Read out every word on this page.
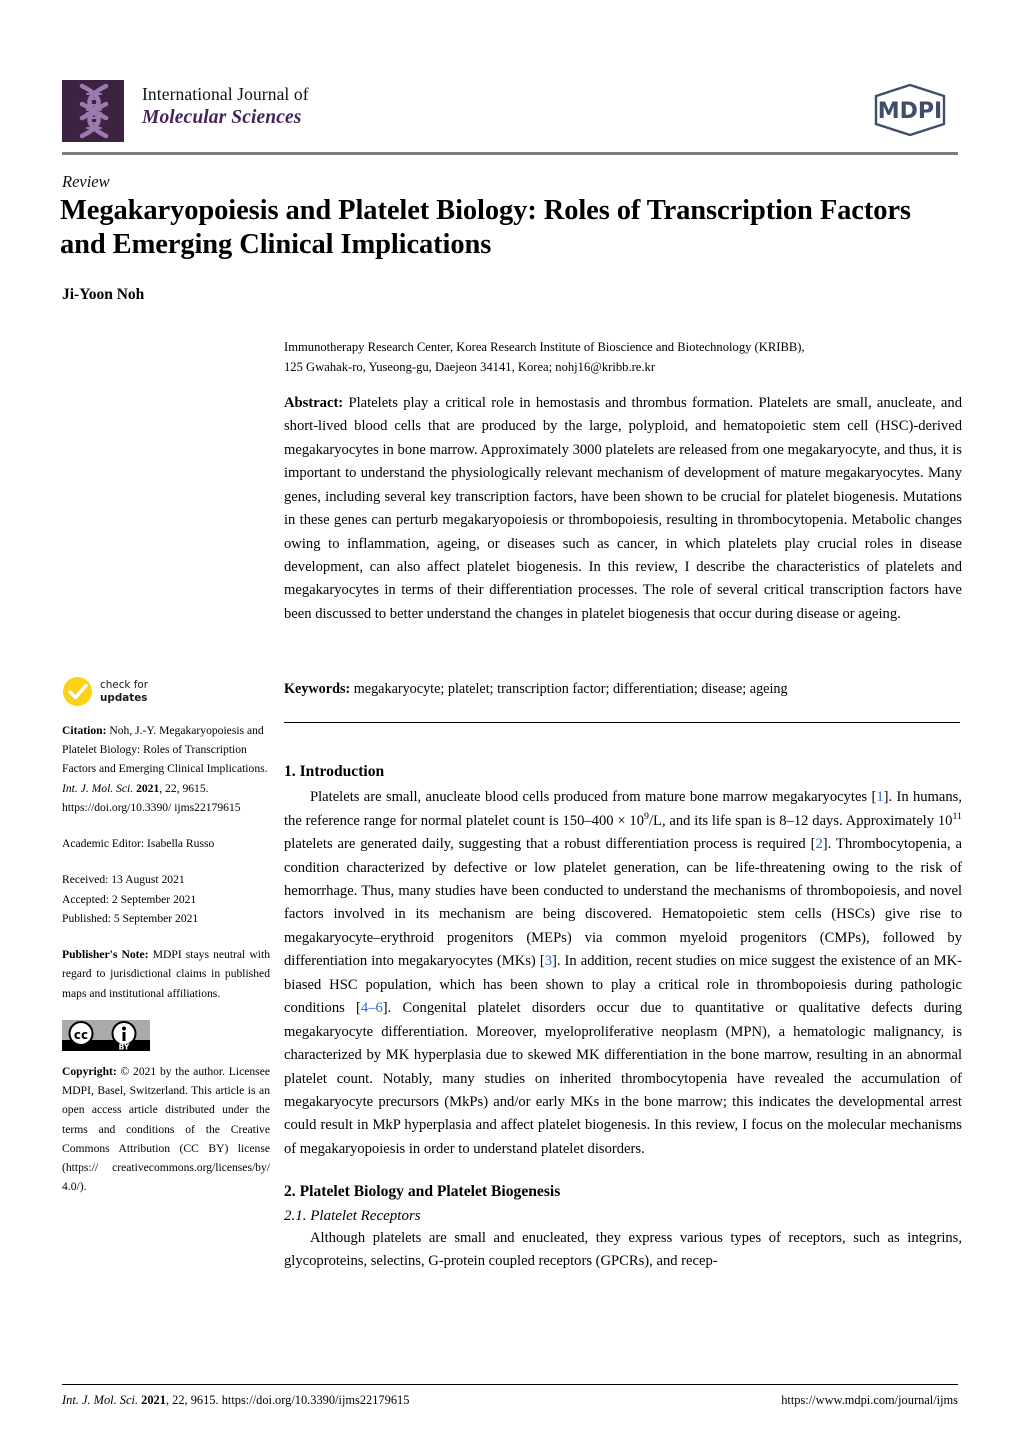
International Journal of
Molecular Sciences	MDPI
Review
Megakaryopoiesis and Platelet Biology: Roles of Transcription Factors and Emerging Clinical Implications
Ji-Yoon Noh
Immunotherapy Research Center, Korea Research Institute of Bioscience and Biotechnology (KRIBB),
125 Gwahak-ro, Yuseong-gu, Daejeon 34141, Korea; nohj16@kribb.re.kr
Abstract: Platelets play a critical role in hemostasis and thrombus formation. Platelets are small, anucleate, and short-lived blood cells that are produced by the large, polyploid, and hematopoietic stem cell (HSC)-derived megakaryocytes in bone marrow. Approximately 3000 platelets are released from one megakaryocyte, and thus, it is important to understand the physiologically relevant mechanism of development of mature megakaryocytes. Many genes, including several key transcription factors, have been shown to be crucial for platelet biogenesis. Mutations in these genes can perturb megakaryopoiesis or thrombopoiesis, resulting in thrombocytopenia. Metabolic changes owing to inflammation, ageing, or diseases such as cancer, in which platelets play crucial roles in disease development, can also affect platelet biogenesis. In this review, I describe the characteristics of platelets and megakaryocytes in terms of their differentiation processes. The role of several critical transcription factors have been discussed to better understand the changes in platelet biogenesis that occur during disease or ageing.
Keywords: megakaryocyte; platelet; transcription factor; differentiation; disease; ageing
check for
updates
Citation: Noh, J.-Y. Megakaryopoiesis and Platelet Biology: Roles of Transcription Factors and Emerging Clinical Implications. Int. J. Mol. Sci. 2021, 22, 9615. https://doi.org/10.3390/ ijms22179615
Academic Editor: Isabella Russo
Received: 13 August 2021
Accepted: 2 September 2021
Published: 5 September 2021
Publisher's Note: MDPI stays neutral with regard to jurisdictional claims in published maps and institutional affiliations.
cc
BY
Copyright: © 2021 by the author. Licensee MDPI, Basel, Switzerland. This article is an open access article distributed under the terms and conditions of the Creative Commons Attribution (CC BY) license (https:// creativecommons.org/licenses/by/ 4.0/).
1. Introduction

Platelets are small, anucleate blood cells produced from mature bone marrow megakaryocytes [1]. In humans, the reference range for normal platelet count is $150-400 \times 10^9/L$, and its life span is 8–12 days. Approximately $10^{11}$ platelets are generated daily, suggesting that a robust differentiation process is required [2]. Thrombocytopenia, a condition characterized by defective or low platelet generation, can be life-threatening owing to the risk of hemorrhage. Thus, many studies have been conducted to understand the mechanisms of thrombopoiesis, and novel factors involved in its mechanism are being discovered. Hematopoietic stem cells (HSCs) give rise to megakaryocyte–erythroid progenitors (MEPs) via common myeloid progenitors (CMPs), followed by differentiation into megakaryocytes (MKs) [3]. In addition, recent studies on mice suggest the existence of an MK-biased HSC population, which has been shown to play a critical role in thrombopoiesis during pathologic conditions [4–6]. Congenital platelet disorders occur due to quantitative or qualitative defects during megakaryocyte differentiation. Moreover, myeloproliferative neoplasm (MPN), a hematologic malignancy, is characterized by MK hyperplasia due to skewed MK differentiation in the bone marrow, resulting in an abnormal platelet count. Notably, many studies on inherited thrombocytopenia have revealed the accumulation of megakaryocyte precursors (MkPs) and/or early MKs in the bone marrow; this indicates the developmental arrest could result in MkP hyperplasia and affect platelet biogenesis. In this review, I focus on the molecular mechanisms of megakaryopoiesis in order to understand platelet disorders.

2. Platelet Biology and Platelet Biogenesis
2.1. Platelet Receptors

Although platelets are small and enucleated, they express various types of receptors, such as integrins, glycoproteins, selectins, G-protein coupled receptors (GPCRs), and recep-

Int. J. Mol. Sci. 2021, 22, 9615. https://doi.org/10.3390/ijms22179615	https://www.mdpi.com/journal/ijms
